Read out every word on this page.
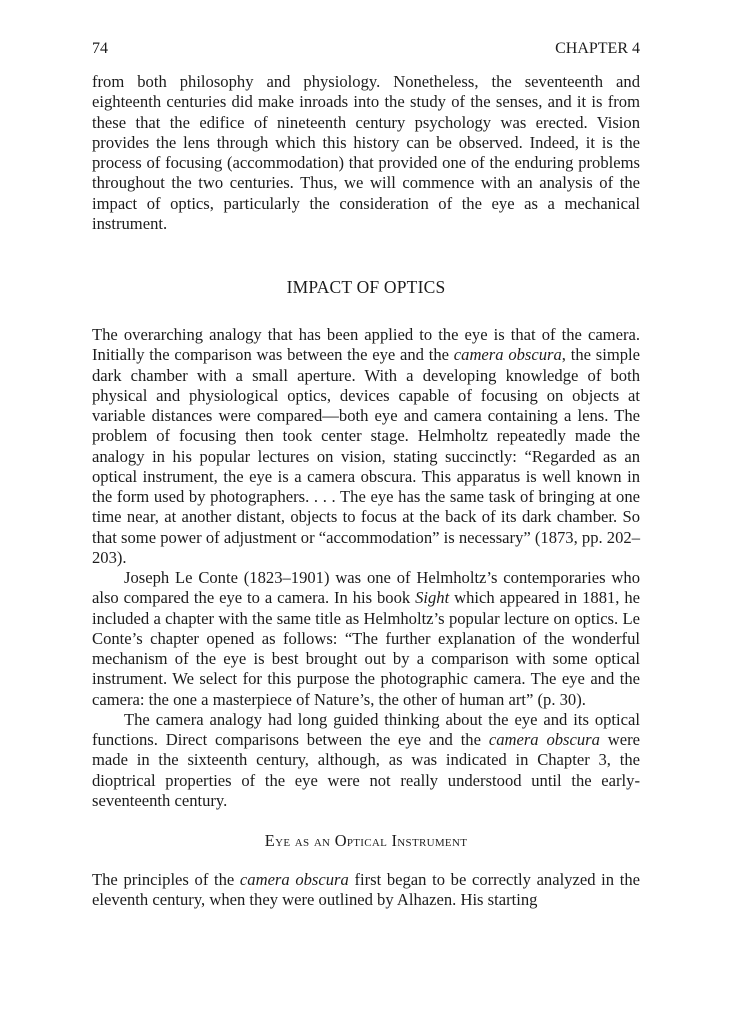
74	CHAPTER 4

from both philosophy and physiology. Nonetheless, the seventeenth and eighteenth centuries did make inroads into the study of the senses, and it is from these that the edifice of nineteenth century psychology was erected. Vision provides the lens through which this history can be observed. Indeed, it is the process of focusing (accommodation) that provided one of the enduring problems throughout the two centuries. Thus, we will commence with an analysis of the impact of optics, particularly the consideration of the eye as a mechanical instrument.

IMPACT OF OPTICS

The overarching analogy that has been applied to the eye is that of the camera. Initially the comparison was between the eye and the camera obscura, the simple dark chamber with a small aperture. With a developing knowledge of both physical and physiological optics, devices capable of focusing on objects at variable distances were compared—both eye and camera containing a lens. The problem of focusing then took center stage. Helmholtz repeatedly made the analogy in his popular lectures on vision, stating succinctly: “Regarded as an optical instrument, the eye is a camera obscura. This apparatus is well known in the form used by photographers. . . . The eye has the same task of bringing at one time near, at another distant, objects to focus at the back of its dark chamber. So that some power of adjustment or “accommodation” is necessary” (1873, pp. 202–203).

Joseph Le Conte (1823–1901) was one of Helmholtz’s contemporaries who also compared the eye to a camera. In his book Sight which appeared in 1881, he included a chapter with the same title as Helmholtz’s popular lecture on optics. Le Conte’s chapter opened as follows: “The further explanation of the wonderful mechanism of the eye is best brought out by a comparison with some optical instrument. We select for this purpose the photographic camera. The eye and the camera: the one a masterpiece of Nature’s, the other of human art” (p. 30).

The camera analogy had long guided thinking about the eye and its optical functions. Direct comparisons between the eye and the camera obscura were made in the sixteenth century, although, as was indicated in Chapter 3, the dioptrical properties of the eye were not really understood until the early-seventeenth century.

Eye as an Optical Instrument

The principles of the camera obscura first began to be correctly analyzed in the eleventh century, when they were outlined by Alhazen. His starting
